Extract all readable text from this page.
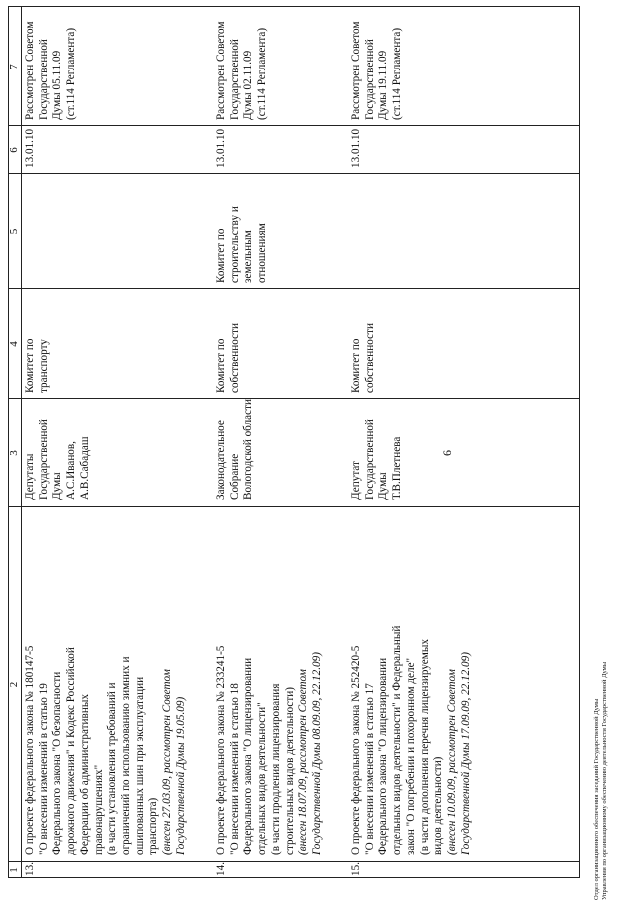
6
1
2
3
4
5
6
7
13.
О проекте федерального закона № 180147-5 "О внесении изменений в статью 19 Федерального закона "О безопасности дорожного движения" и Кодекс Российской Федерации об административных правонарушениях" (в части установления требований и ограничений по использованию зимних и ошипованных шин при эксплуатации транспорта) (внесен 27.03.09, рассмотрен Советом Государственной Думы 19.05.09)
Депутаты Государственной Думы А.С.Иванов, А.В.Сабадаш
Комитет по транспорту
13.01.10
Рассмотрен Советом Государственной Думы 05.11.09 (ст.114 Регламента)
14.
О проекте федерального закона № 233241-5 "О внесении изменений в статью 18 Федерального закона "О лицензировании отдельных видов деятельности" (в части продления лицензирования строительных видов деятельности) (внесен 18.07.09, рассмотрен Советом Государственной Думы 08.09.09, 22.12.09)
Законодательное Собрание Вологодской области
Комитет по собственности
Комитет по строительству и земельным отношениям
13.01.10
Рассмотрен Советом Государственной Думы 02.11.09 (ст.114 Регламента)
15.
О проекте федерального закона № 252420-5 "О внесении изменений в статью 17 Федерального закона "О лицензировании отдельных видов деятельности" и Федеральный закон "О погребении и похоронном деле" (в части дополнения перечня лицензируемых видов деятельности) (внесен 10.09.09, рассмотрен Советом Государственной Думы 17.09.09, 22.12.09)
Депутат Государственной Думы Т.В.Плетнева
Комитет по собственности
13.01.10
Рассмотрен Советом Государственной Думы 19.11.09 (ст.114 Регламента)
Отдел организационного обеспечения заседаний Государственной Думы Управления по организационному обеспечению деятельности Государственной Думы
